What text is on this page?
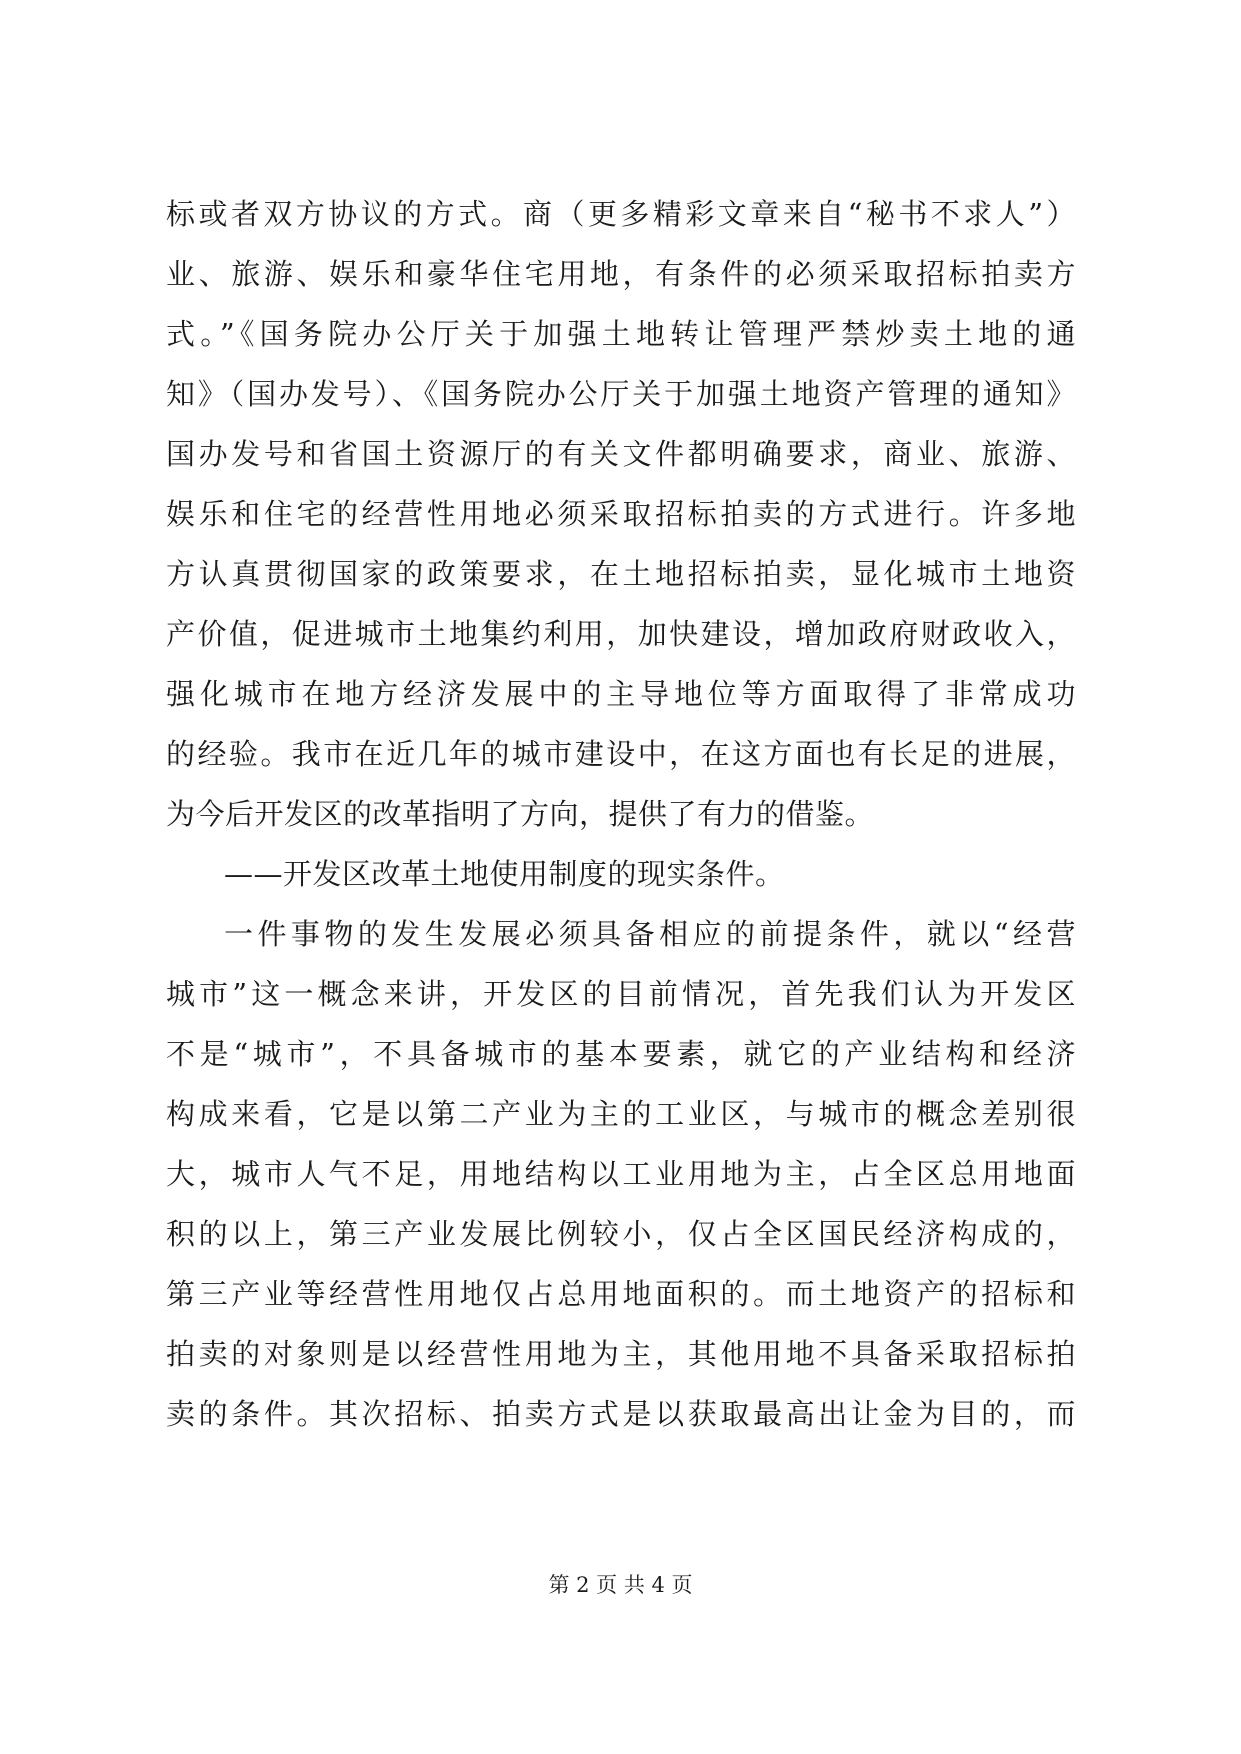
标或者双方协议的方式。商（更多精彩文章来自“秘书不求人”）
业、旅游、娱乐和豪华住宅用地，有条件的必须采取招标拍卖方
式。”《国务院办公厅关于加强土地转让管理严禁炒卖土地的通
知》（国办发号）、《国务院办公厅关于加强土地资产管理的通知》
国办发号和省国土资源厅的有关文件都明确要求，商业、旅游、
娱乐和住宅的经营性用地必须采取招标拍卖的方式进行。许多地
方认真贯彻国家的政策要求，在土地招标拍卖，显化城市土地资
产价值，促进城市土地集约利用，加快建设，增加政府财政收入，
强化城市在地方经济发展中的主导地位等方面取得了非常成功
的经验。我市在近几年的城市建设中，在这方面也有长足的进展，
为今后开发区的改革指明了方向，提供了有力的借鉴。
——开发区改革土地使用制度的现实条件。
一件事物的发生发展必须具备相应的前提条件，就以“经营
城市”这一概念来讲，开发区的目前情况，首先我们认为开发区
不是“城市”，不具备城市的基本要素，就它的产业结构和经济
构成来看，它是以第二产业为主的工业区，与城市的概念差别很
大，城市人气不足，用地结构以工业用地为主，占全区总用地面
积的以上，第三产业发展比例较小，仅占全区国民经济构成的，
第三产业等经营性用地仅占总用地面积的。而土地资产的招标和
拍卖的对象则是以经营性用地为主，其他用地不具备采取招标拍
卖的条件。其次招标、拍卖方式是以获取最高出让金为目的，而
第 2 页 共 4 页
